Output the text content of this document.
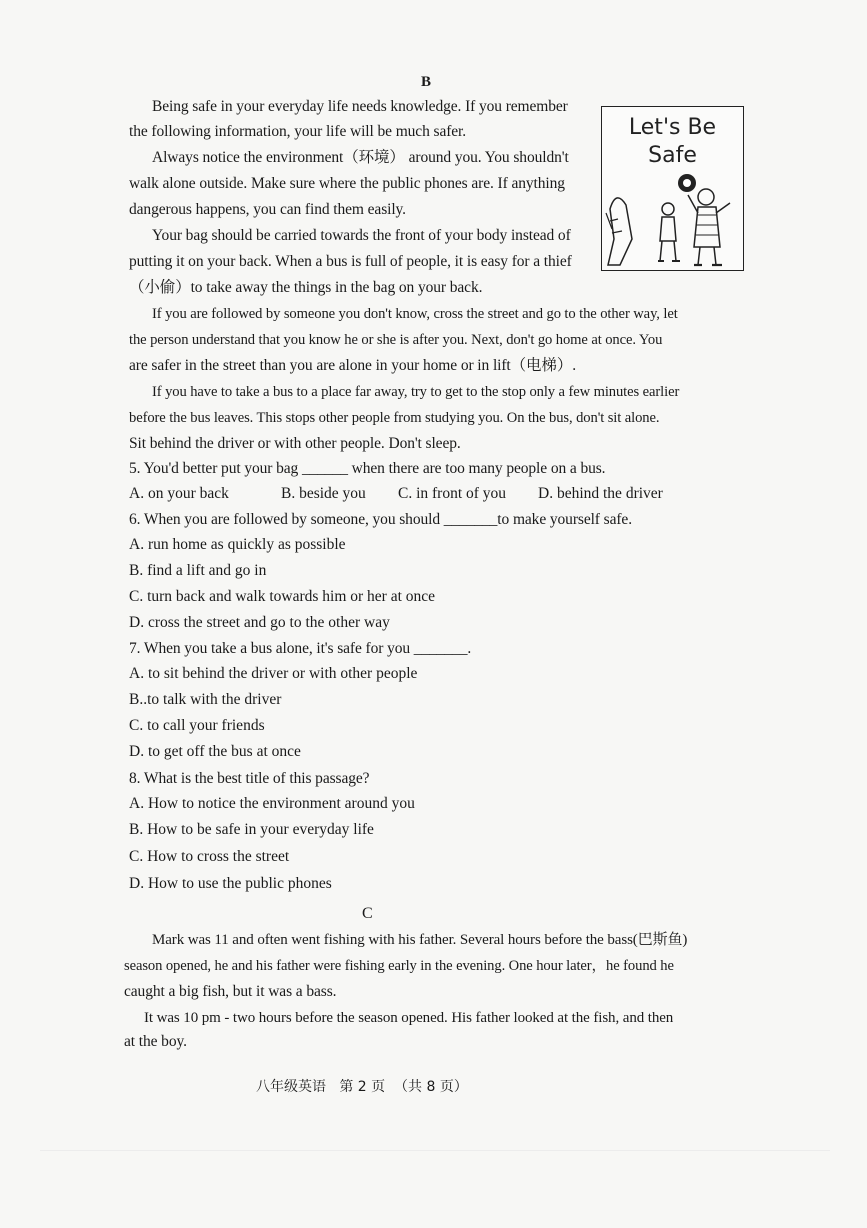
B
Let's Be
Safe
Being safe in your everyday life needs knowledge. If you remember
the following information, your life will be much safer.
Always notice the environment（环境） around you. You shouldn't
walk alone outside. Make sure where the public phones are. If anything
dangerous happens, you can find them easily.
Your bag should be carried towards the front of your body instead of
putting it on your back. When a bus is full of people, it is easy for a thief
（小偷）to take away the things in the bag on your back.
If you are followed by someone you don't know, cross the street and go to the other way, let
the person understand that you know he or she is after you. Next, don't go home at once. You
are safer in the street than you are alone in your home or in lift（电梯）.
If you have to take a bus to a place far away, try to get to the stop only a few minutes earlier
before the bus leaves. This stops other people from studying you. On the bus, don't sit alone.
Sit behind the driver or with other people. Don't sleep.
5. You'd better put your bag ______ when there are too many people on a bus.
A. on your back	B. beside you C. in front of you D. behind the driver
6. When you are followed by someone, you should _______to make yourself safe.
A. run home as quickly as possible
B. find a lift and go in
C. turn back and walk towards him or her at once
D. cross the street and go to the other way
7. When you take a bus alone, it's safe for you _______.
A. to sit behind the driver or with other people
B..to talk with the driver
C. to call your friends
D. to get off the bus at once
8. What is the best title of this passage?
A. How to notice the environment around you
B. How to be safe in your everyday life
C. How to cross the street
D. How to use the public phones
C
Mark was 11 and often went fishing with his father. Several hours before the bass(巴斯鱼)
season opened, he and his father were fishing early in the evening. One hour later，he found he
caught a big fish, but it was a bass.
It was 10 pm - two hours before the season opened. His father looked at the fish, and then
at the boy.
八年级英语   第 2 页  （共 8 页）
